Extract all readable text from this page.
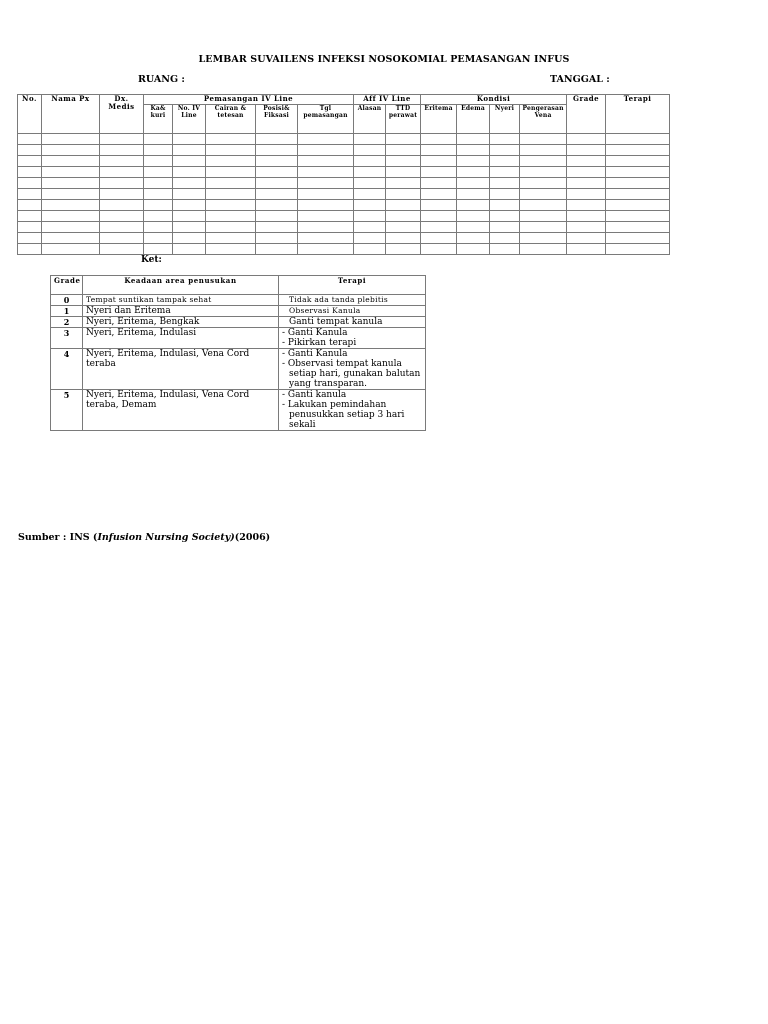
LEMBAR SUVAILENS INFEKSI NOSOKOMIAL PEMASANGAN INFUS
RUANG :	TANGGAL :
No.	Nama Px	Dx. Medis	Pemasangan IV Line					Aff IV Line		Kondisi				Grade	Terapi
			Ka& kuri	No. IV Line	Cairan & tetesan	Posisi& Fiksasi	Tgl pemasangan	Alasan	TTD perawat	Eritema	Edema	Nyeri	Pengerasan Vena		

Ket:
Grade	Keadaan area penusukan	Terapi
0	Tempat suntikan tampak sehat	Tidak ada tanda plebitis
1	Nyeri dan Eritema	Observasi Kanula
2	Nyeri, Eritema, Bengkak	Ganti tempat kanula
3	Nyeri, Eritema, Indulasi	- Ganti Kanula
- Pikirkan terapi

4	Nyeri, Eritema, Indulasi, Vena Cord teraba	- Ganti Kanula
- Observasi tempat kanula setiap hari, gunakan balutan yang transparan.

5	Nyeri, Eritema, Indulasi, Vena Cord teraba, Demam	- Ganti kanula
- Lakukan pemindahan penusukkan setiap 3 hari sekali
Sumber : INS (Infusion Nursing Society)(2006)
